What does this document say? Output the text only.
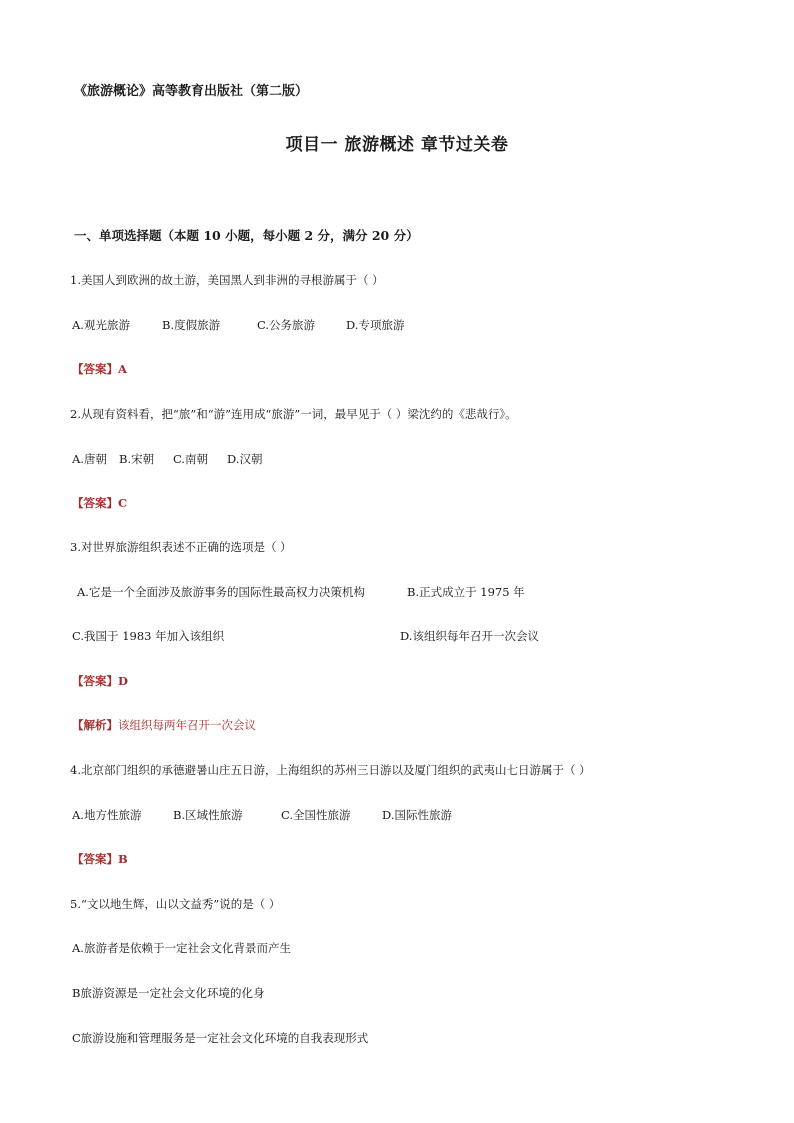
《旅游概论》高等教育出版社（第二版）
项目一 旅游概述 章节过关卷
一、单项选择题（本题 10 小题，每小题 2 分，满分 20 分）
1.美国人到欧洲的故土游，美国黑人到非洲的寻根游属于（ ）
A.观光旅游	B.度假旅游	C.公务旅游	D.专项旅游
【答案】A
2.从现有资料看，把“旅”和“游”连用成“旅游”一词，最早见于（ ）梁沈约的《悲哉行》。
A.唐朝 B.宋朝 C.南朝 D.汉朝
【答案】C
3.对世界旅游组织表述不正确的选项是（ ）
A.它是一个全面涉及旅游事务的国际性最高权力决策机构	B.正式成立于 1975 年
C.我国于 1983 年加入该组织	D.该组织每年召开一次会议
【答案】D
【解析】该组织每两年召开一次会议
4.北京部门组织的承德避暑山庄五日游，上海组织的苏州三日游以及厦门组织的武夷山七日游属于（ ）
A.地方性旅游	B.区域性旅游	C.全国性旅游	D.国际性旅游
【答案】B
5.“文以地生辉，山以文益秀”说的是（ ）
A.旅游者是依赖于一定社会文化背景而产生
B旅游资源是一定社会文化环境的化身
C旅游设施和管理服务是一定社会文化环境的自我表现形式
